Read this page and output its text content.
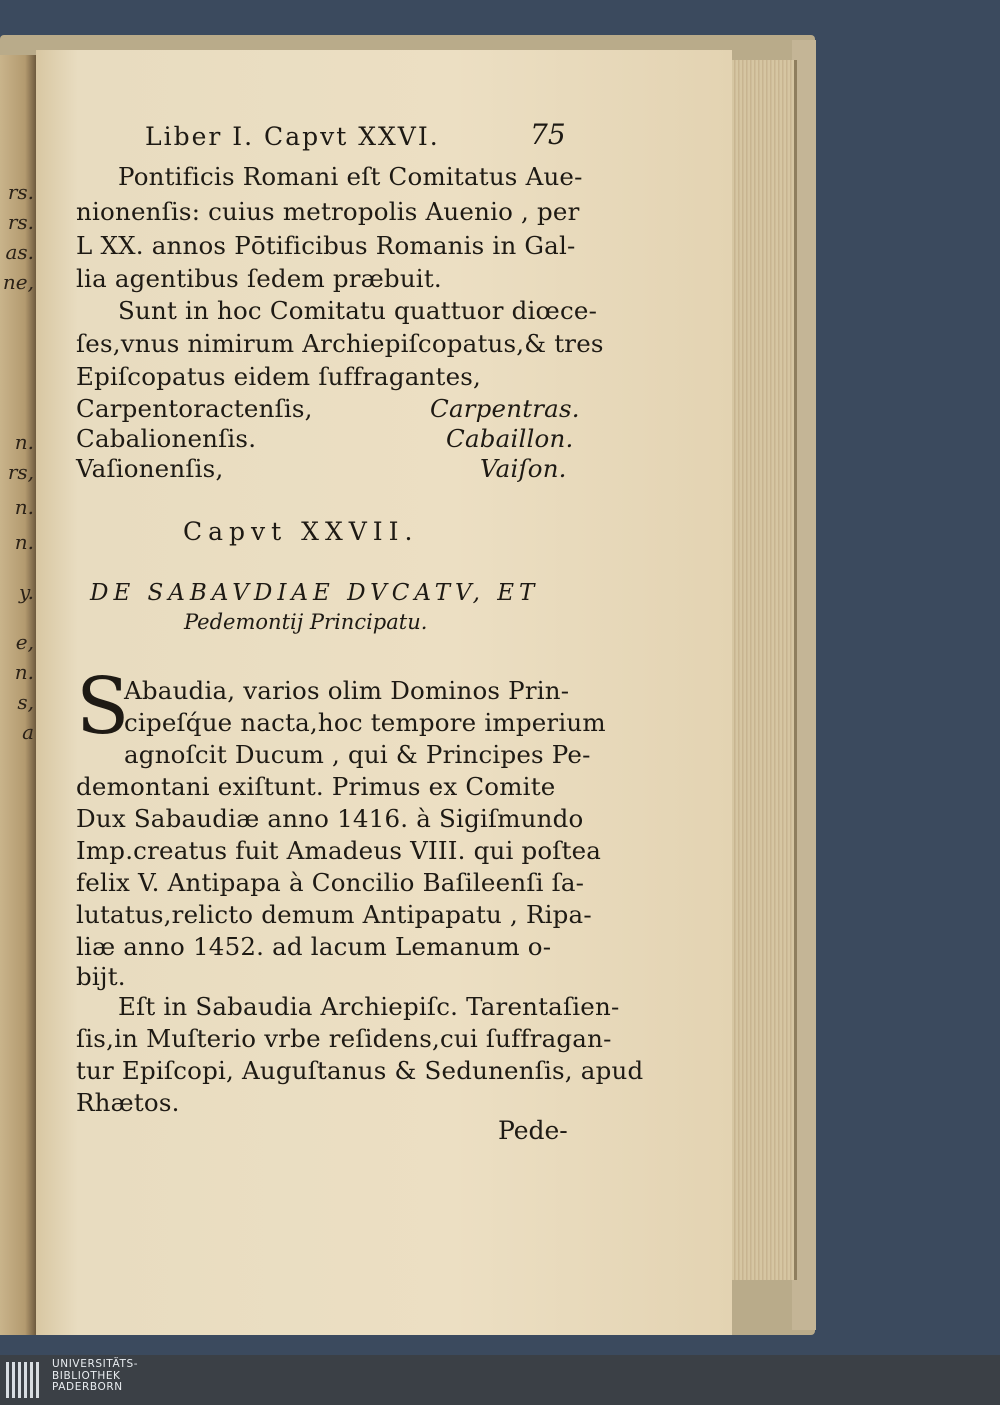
rs.
rs.
as.
ne,
n.
rs,
n.
n.
y.
e,
n.
s,
a
Liber I. Capvt XXVI.	75
Pontificis Romani eſt Comitatus Aue-
nionenſis: cuius metropolis Auenio , per
L XX. annos Pōtificibus Romanis in Gal-
lia agentibus ſedem præbuit.
Sunt in hoc Comitatu quattuor diœce-
ſes,vnus nimirum Archiepiſcopatus,& tres
Epiſcopatus eidem ſuffragantes,
Carpentoractenſis,	Carpentras.
Cabalionenſis.	Cabaillon.
Vaſionenſis,	Vaiſon.
Capvt XXVII.
DE SABAVDIAE DVCATV, ET
Pedemontij Principatu.
S
Abaudia, varios olim Dominos Prin-
cipeſq́ue nacta,hoc tempore imperium
agnoſcit Ducum , qui & Principes Pe-
demontani exiſtunt. Primus ex Comite
Dux Sabaudiæ anno 1416. à Sigiſmundo
Imp.creatus fuit Amadeus VIII. qui poſtea
felix V. Antipapa à Concilio Baſileenſi ſa-
lutatus,relicto demum Antipapatu , Ripa-
liæ anno 1452. ad lacum Lemanum o-
bijt.
Eſt in Sabaudia Archiepiſc. Tarentaſien-
ſis,in Muſterio vrbe reſidens,cui ſuffragan-
tur Epiſcopi, Auguſtanus & Sedunenſis, apud
Rhætos.
Pede-
UNIVERSITÄTS-
BIBLIOTHEK
PADERBORN
